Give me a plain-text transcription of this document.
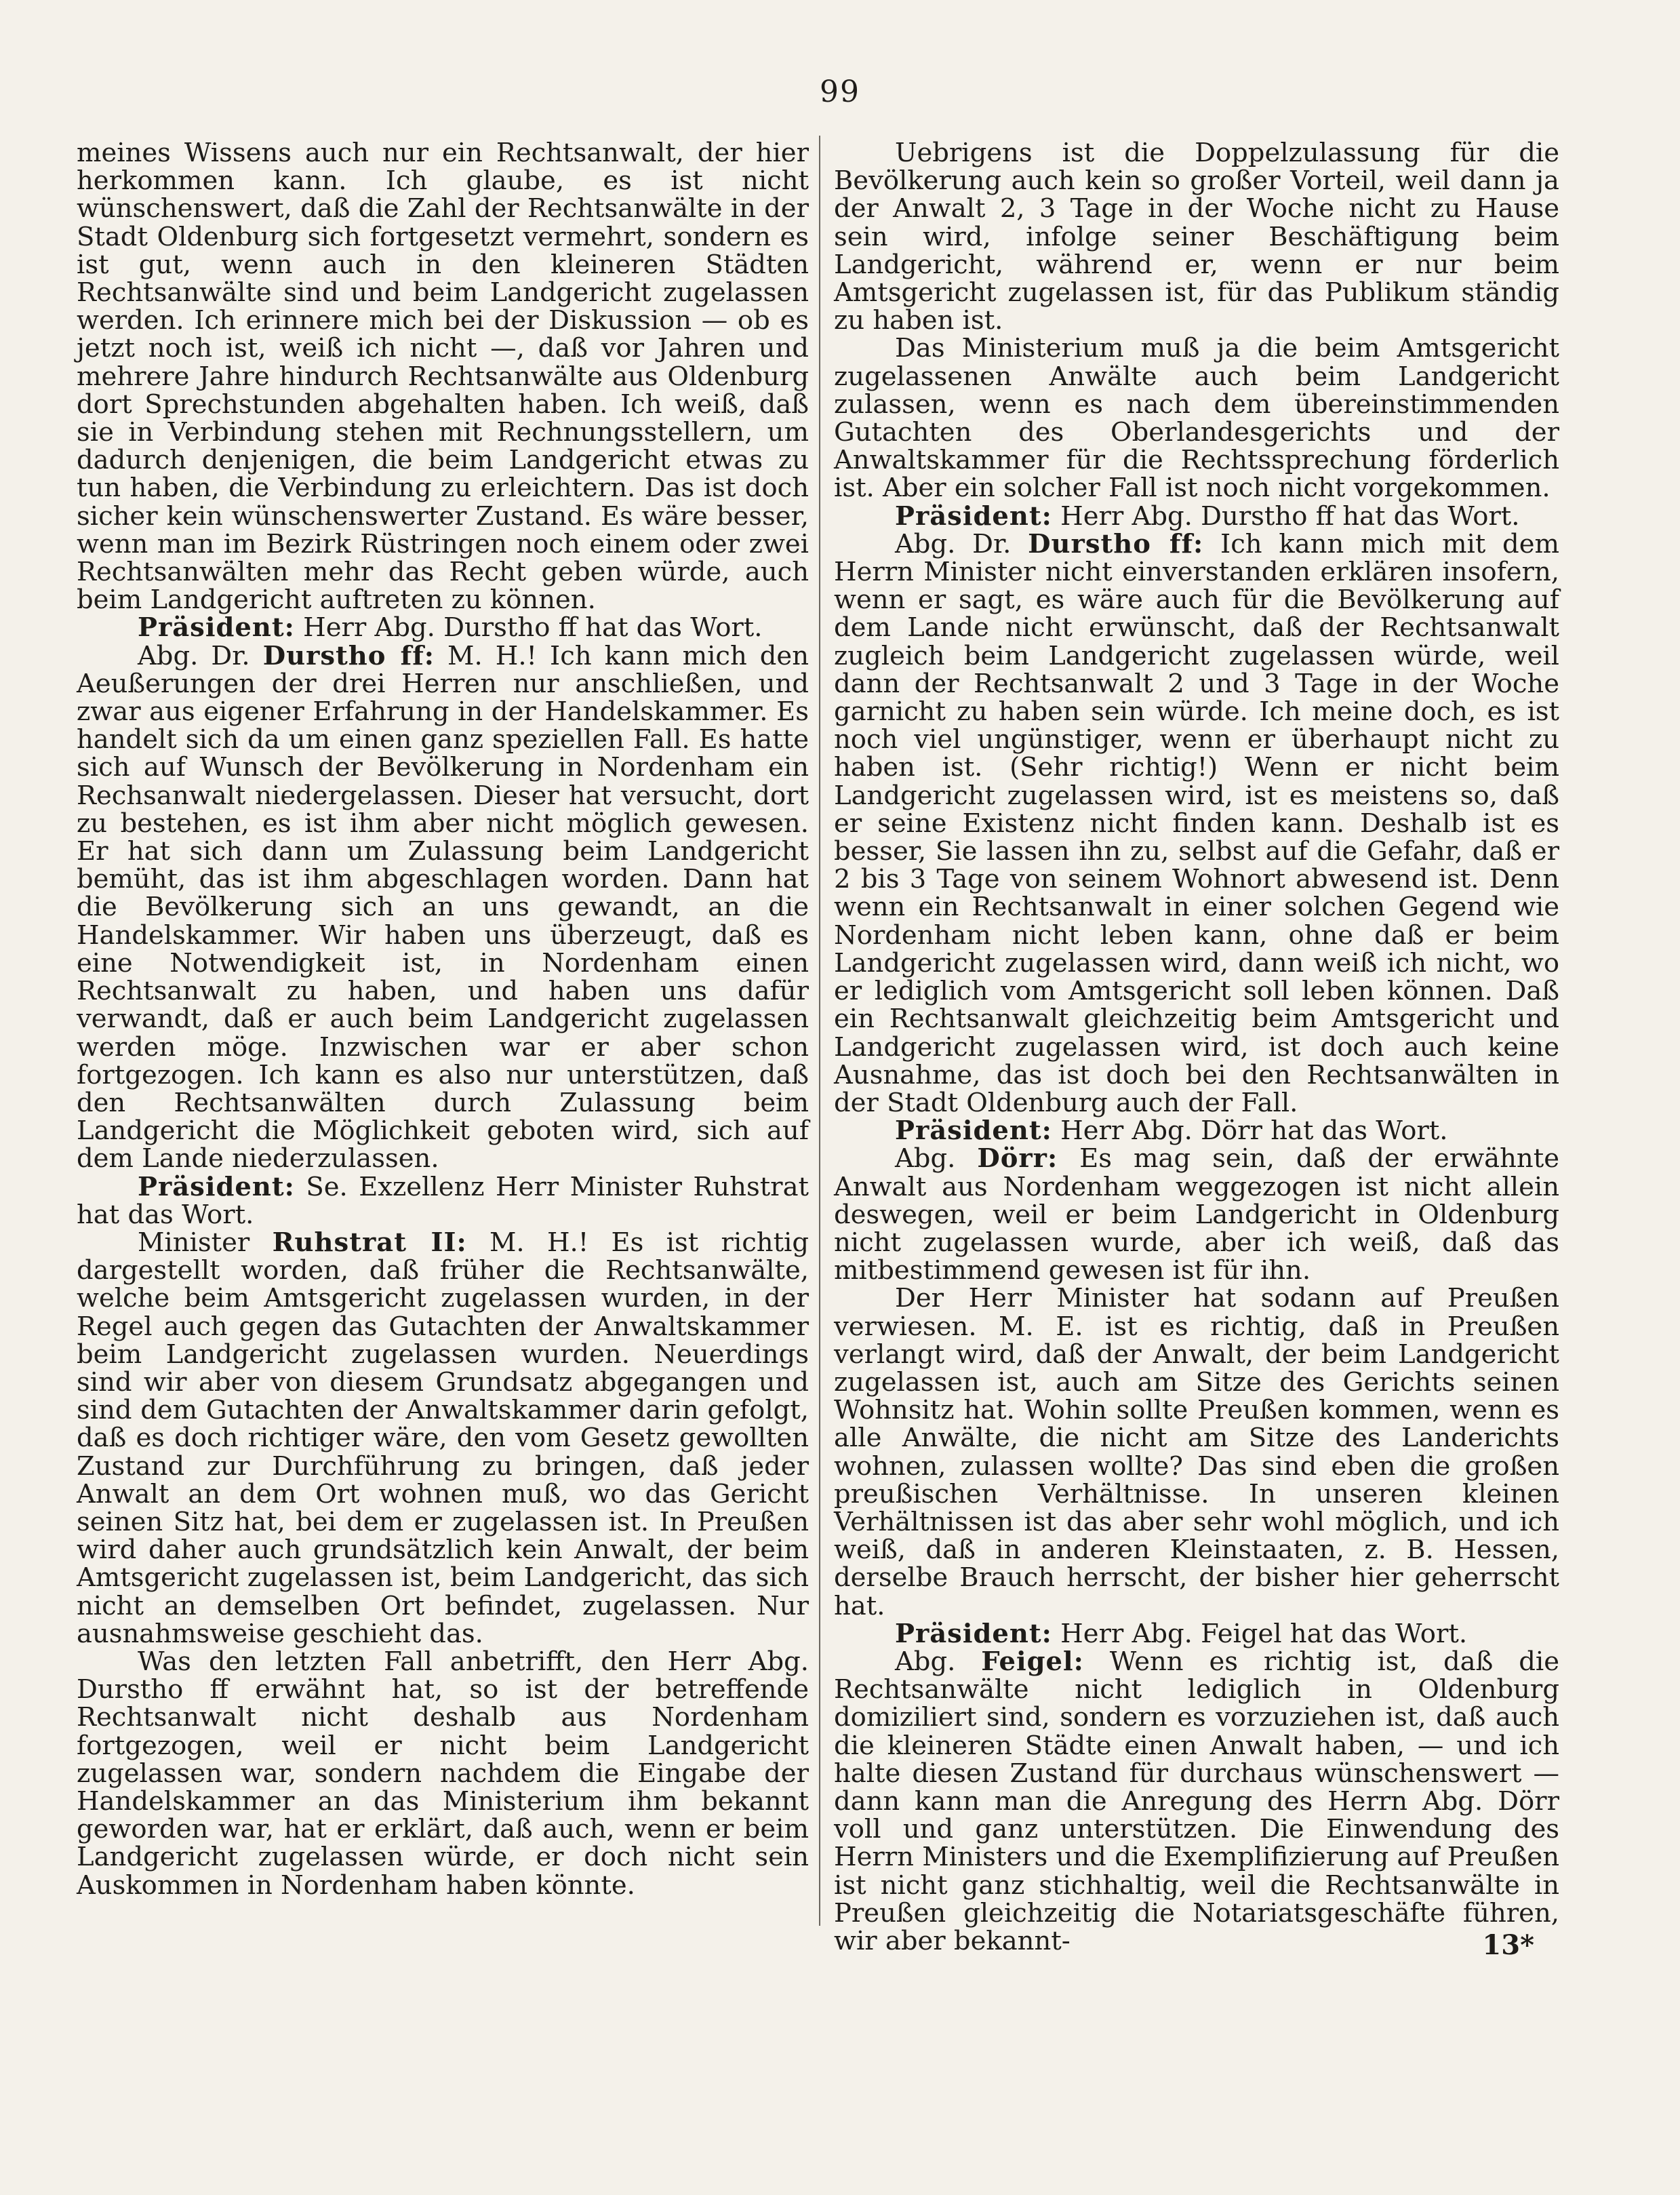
99

meines Wissens auch nur ein Rechtsanwalt, der hier herkommen kann. Ich glaube, es ist nicht wünschenswert, daß die Zahl der Rechtsanwälte in der Stadt Oldenburg sich fortgesetzt vermehrt, sondern es ist gut, wenn auch in den kleineren Städten Rechtsanwälte sind und beim Landgericht zugelassen werden. Ich erinnere mich bei der Diskussion — ob es jetzt noch ist, weiß ich nicht —, daß vor Jahren und mehrere Jahre hindurch Rechtsanwälte aus Oldenburg dort Sprechstunden abgehalten haben. Ich weiß, daß sie in Verbindung stehen mit Rechnungsstellern, um dadurch denjenigen, die beim Landgericht etwas zu tun haben, die Verbindung zu erleichtern. Das ist doch sicher kein wünschenswerter Zustand. Es wäre besser, wenn man im Bezirk Rüstringen noch einem oder zwei Rechtsanwälten mehr das Recht geben würde, auch beim Landgericht auftreten zu können.

Präsident: Herr Abg. Durstho ff hat das Wort.

Abg. Dr. Durstho ff: M. H.! Ich kann mich den Aeußerungen der drei Herren nur anschließen, und zwar aus eigener Erfahrung in der Handelskammer. Es handelt sich da um einen ganz speziellen Fall. Es hatte sich auf Wunsch der Bevölkerung in Nordenham ein Rechsanwalt niedergelassen. Dieser hat versucht, dort zu bestehen, es ist ihm aber nicht möglich gewesen. Er hat sich dann um Zulassung beim Landgericht bemüht, das ist ihm abgeschlagen worden. Dann hat die Bevölkerung sich an uns gewandt, an die Handelskammer. Wir haben uns überzeugt, daß es eine Notwendigkeit ist, in Nordenham einen Rechtsanwalt zu haben, und haben uns dafür verwandt, daß er auch beim Landgericht zugelassen werden möge. Inzwischen war er aber schon fortgezogen. Ich kann es also nur unterstützen, daß den Rechtsanwälten durch Zulassung beim Landgericht die Möglichkeit geboten wird, sich auf dem Lande niederzulassen.

Präsident: Se. Exzellenz Herr Minister Ruhstrat hat das Wort.

Minister Ruhstrat II: M. H.! Es ist richtig dargestellt worden, daß früher die Rechtsanwälte, welche beim Amtsgericht zugelassen wurden, in der Regel auch gegen das Gutachten der Anwaltskammer beim Landgericht zugelassen wurden. Neuerdings sind wir aber von diesem Grundsatz abgegangen und sind dem Gutachten der Anwaltskammer darin gefolgt, daß es doch richtiger wäre, den vom Gesetz gewollten Zustand zur Durchführung zu bringen, daß jeder Anwalt an dem Ort wohnen muß, wo das Gericht seinen Sitz hat, bei dem er zugelassen ist. In Preußen wird daher auch grundsätzlich kein Anwalt, der beim Amtsgericht zugelassen ist, beim Landgericht, das sich nicht an demselben Ort befindet, zugelassen. Nur ausnahmsweise geschieht das.

Was den letzten Fall anbetrifft, den Herr Abg. Durstho ff erwähnt hat, so ist der betreffende Rechtsanwalt nicht deshalb aus Nordenham fortgezogen, weil er nicht beim Landgericht zugelassen war, sondern nachdem die Eingabe der Handelskammer an das Ministerium ihm bekannt geworden war, hat er erklärt, daß auch, wenn er beim Landgericht zugelassen würde, er doch nicht sein Auskommen in Nordenham haben könnte.

Uebrigens ist die Doppelzulassung für die Bevölkerung auch kein so großer Vorteil, weil dann ja der Anwalt 2, 3 Tage in der Woche nicht zu Hause sein wird, infolge seiner Beschäftigung beim Landgericht, während er, wenn er nur beim Amtsgericht zugelassen ist, für das Publikum ständig zu haben ist.

Das Ministerium muß ja die beim Amtsgericht zugelassenen Anwälte auch beim Landgericht zulassen, wenn es nach dem übereinstimmenden Gutachten des Oberlandesgerichts und der Anwaltskammer für die Rechtssprechung förderlich ist. Aber ein solcher Fall ist noch nicht vorgekommen.

Präsident: Herr Abg. Durstho ff hat das Wort.

Abg. Dr. Durstho ff: Ich kann mich mit dem Herrn Minister nicht einverstanden erklären insofern, wenn er sagt, es wäre auch für die Bevölkerung auf dem Lande nicht erwünscht, daß der Rechtsanwalt zugleich beim Landgericht zugelassen würde, weil dann der Rechtsanwalt 2 und 3 Tage in der Woche garnicht zu haben sein würde. Ich meine doch, es ist noch viel ungünstiger, wenn er überhaupt nicht zu haben ist. (Sehr richtig!) Wenn er nicht beim Landgericht zugelassen wird, ist es meistens so, daß er seine Existenz nicht finden kann. Deshalb ist es besser, Sie lassen ihn zu, selbst auf die Gefahr, daß er 2 bis 3 Tage von seinem Wohnort abwesend ist. Denn wenn ein Rechtsanwalt in einer solchen Gegend wie Nordenham nicht leben kann, ohne daß er beim Landgericht zugelassen wird, dann weiß ich nicht, wo er lediglich vom Amtsgericht soll leben können. Daß ein Rechtsanwalt gleichzeitig beim Amtsgericht und Landgericht zugelassen wird, ist doch auch keine Ausnahme, das ist doch bei den Rechtsanwälten in der Stadt Oldenburg auch der Fall.

Präsident: Herr Abg. Dörr hat das Wort.

Abg. Dörr: Es mag sein, daß der erwähnte Anwalt aus Nordenham weggezogen ist nicht allein deswegen, weil er beim Landgericht in Oldenburg nicht zugelassen wurde, aber ich weiß, daß das mitbestimmend gewesen ist für ihn.

Der Herr Minister hat sodann auf Preußen verwiesen. M. E. ist es richtig, daß in Preußen verlangt wird, daß der Anwalt, der beim Landgericht zugelassen ist, auch am Sitze des Gerichts seinen Wohnsitz hat. Wohin sollte Preußen kommen, wenn es alle Anwälte, die nicht am Sitze des Landerichts wohnen, zulassen wollte? Das sind eben die großen preußischen Verhältnisse. In unseren kleinen Verhältnissen ist das aber sehr wohl möglich, und ich weiß, daß in anderen Kleinstaaten, z. B. Hessen, derselbe Brauch herrscht, der bisher hier geherrscht hat.

Präsident: Herr Abg. Feigel hat das Wort.

Abg. Feigel: Wenn es richtig ist, daß die Rechtsanwälte nicht lediglich in Oldenburg domiziliert sind, sondern es vorzuziehen ist, daß auch die kleineren Städte einen Anwalt haben, — und ich halte diesen Zustand für durchaus wünschenswert — dann kann man die Anregung des Herrn Abg. Dörr voll und ganz unterstützen. Die Einwendung des Herrn Ministers und die Exemplifizierung auf Preußen ist nicht ganz stichhaltig, weil die Rechtsanwälte in Preußen gleichzeitig die Notariatsgeschäfte führen, wir aber bekannt-	13*
